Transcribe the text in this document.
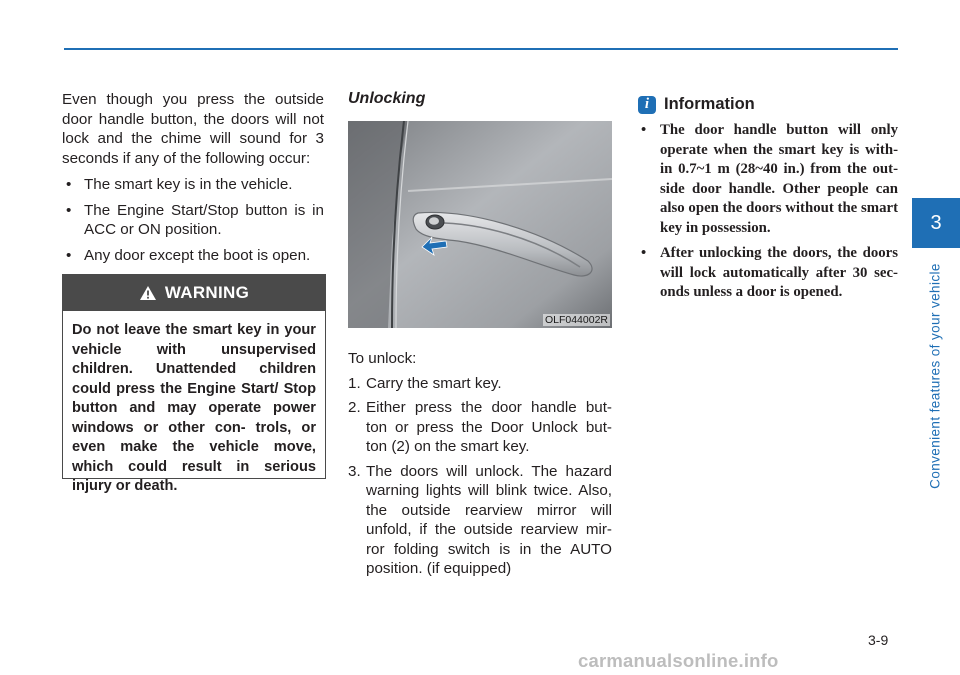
Even though you press the outside door handle button, the doors will not lock and the chime will sound for 3 seconds if any of the following occur:

• The smart key is in the vehicle.
• The Engine Start/Stop button is in ACC or ON position.
• Any door except the boot is open.
WARNING
Do not leave the smart key in your vehicle with unsupervised children. Unattended children could press the Engine Start/ Stop button and may operate power windows or other con- trols, or even make the vehicle move, which could result in serious injury or death.

Unlocking

OLF044002R

To unlock:

1. Carry the smart key.
2. Either press the door handle but- ton or press the Door Unlock but- ton (2) on the smart key.
3. The doors will unlock. The hazard warning lights will blink twice. Also, the outside rearview mirror will unfold, if the outside rearview mir- ror folding switch is in the AUTO position. (if equipped)
i Information
• The door handle button will only operate when the smart key is with- in 0.7~1 m (28~40 in.) from the out- side door handle. Other people can also open the doors without the smart key in possession.
• After unlocking the doors, the doors will lock automatically after 30 sec- onds unless a door is opened.
3
Convenient features of your vehicle
3-9
carmanualsonline.info
